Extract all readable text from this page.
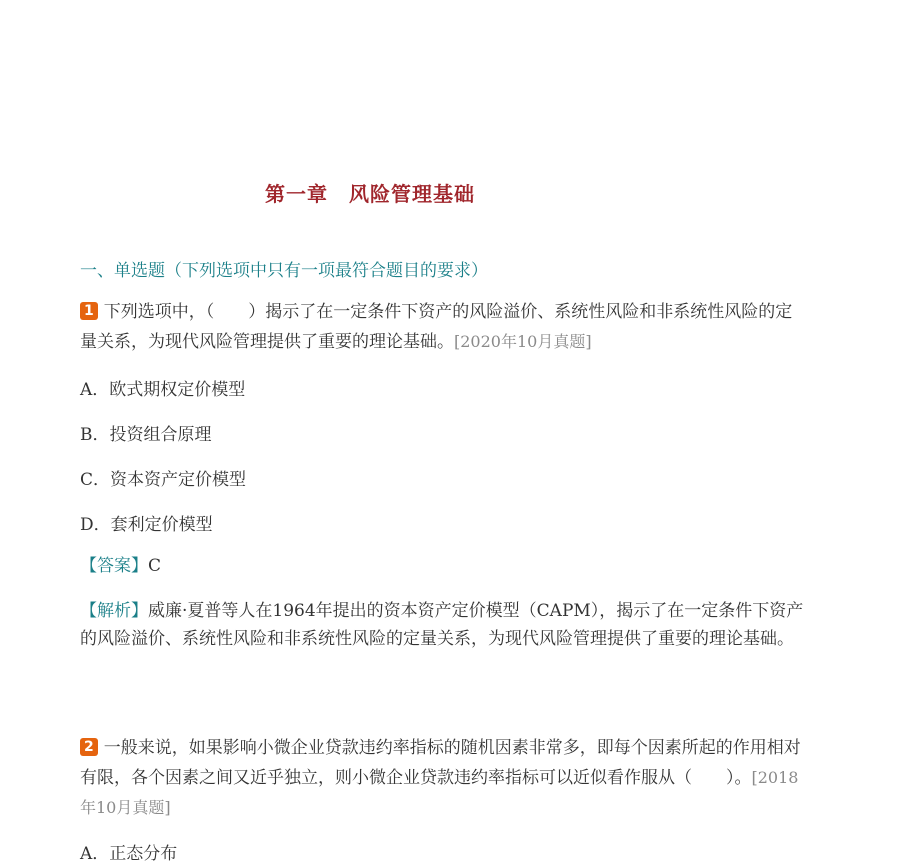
第一章　风险管理基础
一、单选题（下列选项中只有一项最符合题目的要求）
1 下列选项中，（　　）揭示了在一定条件下资产的风险溢价、系统性风险和非系统性风险的定量关系，为现代风险管理提供了重要的理论基础。[2020年10月真题]
A．欧式期权定价模型
B．投资组合原理
C．资本资产定价模型
D．套利定价模型
【答案】C
【解析】威廉·夏普等人在1964年提出的资本资产定价模型（CAPM），揭示了在一定条件下资产的风险溢价、系统性风险和非系统性风险的定量关系，为现代风险管理提供了重要的理论基础。
2 一般来说，如果影响小微企业贷款违约率指标的随机因素非常多，即每个因素所起的作用相对有限，各个因素之间又近乎独立，则小微企业贷款违约率指标可以近似看作服从（　　）。[2018年10月真题]
A．正态分布
